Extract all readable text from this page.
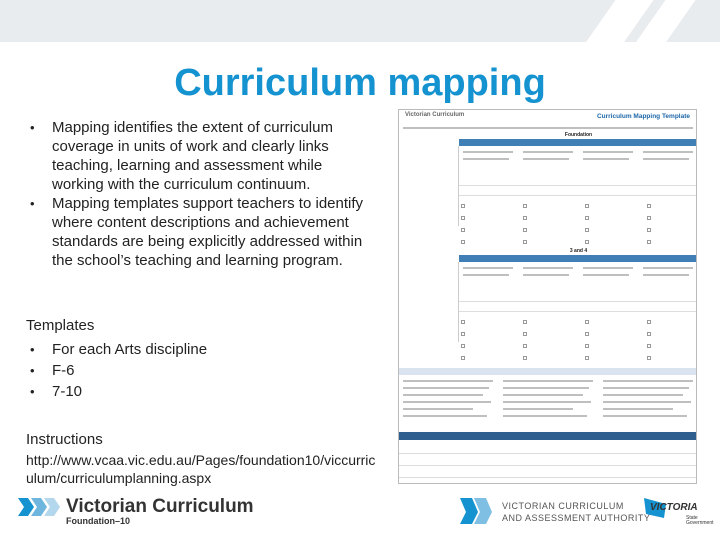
Curriculum mapping
• Mapping identifies the extent of curriculum coverage in units of work and clearly links teaching, learning and assessment while working with the curriculum continuum.
• Mapping templates support teachers to identify where content descriptions and achievement standards are being explicitly addressed within the school’s teaching and learning program.
Templates
• For each Arts discipline
• F-6
• 7-10
Instructions
http://www.vcaa.vic.edu.au/Pages/foundation10/viccurriculum/curriculumplanning.aspx
Victorian Curriculum	Curriculum Mapping Template
Foundation
3 and 4
Victorian Curriculum
Foundation–10
VICTORIAN CURRICULUM
AND ASSESSMENT AUTHORITY
VICTORIA
State Government
